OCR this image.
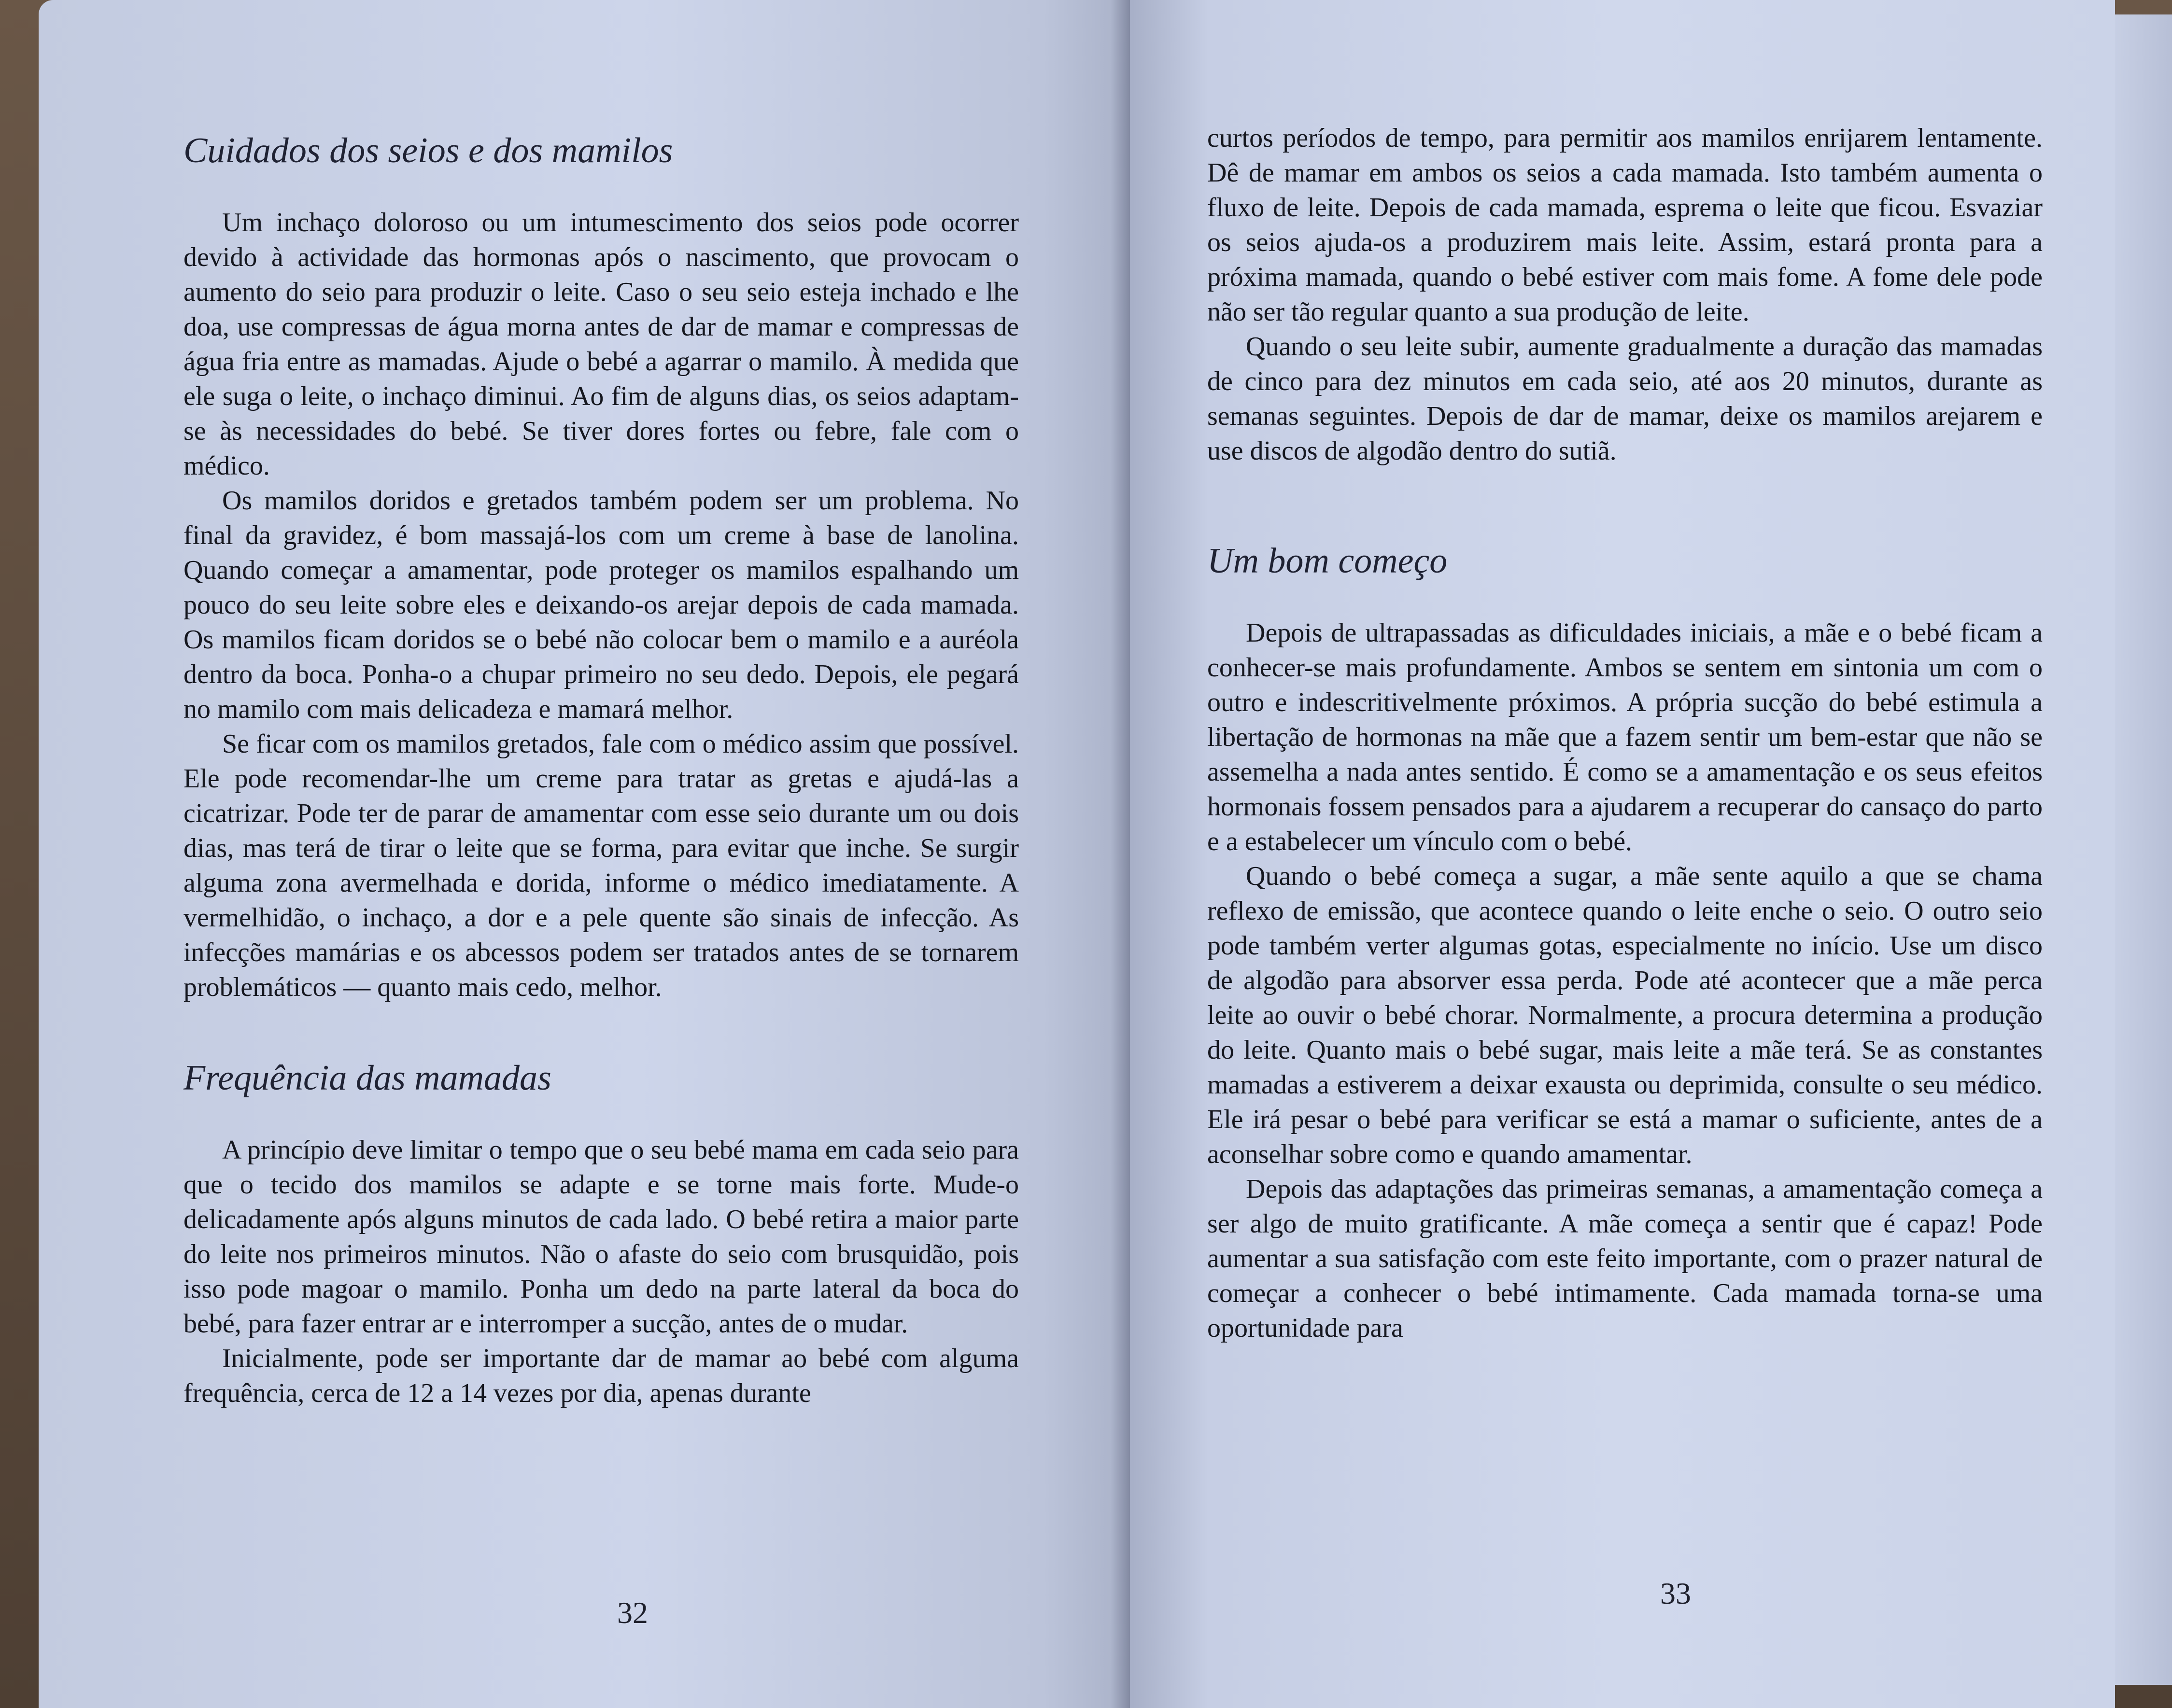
Cuidados dos seios e dos mamilos

Um inchaço doloroso ou um intumescimento dos seios pode ocorrer devido à actividade das hormonas após o nascimento, que provocam o aumento do seio para produzir o leite. Caso o seu seio esteja inchado e lhe doa, use compressas de água morna antes de dar de mamar e compressas de água fria entre as mamadas. Ajude o bebé a agarrar o mamilo. À medida que ele suga o leite, o inchaço diminui. Ao fim de alguns dias, os seios adaptam-se às necessidades do bebé. Se tiver dores fortes ou febre, fale com o médico.

Os mamilos doridos e gretados também podem ser um problema. No final da gravidez, é bom massajá-los com um creme à base de lanolina. Quando começar a amamentar, pode proteger os mamilos espalhando um pouco do seu leite sobre eles e deixando-os arejar depois de cada mamada. Os mamilos ficam doridos se o bebé não colocar bem o mamilo e a auréola dentro da boca. Ponha-o a chupar primeiro no seu dedo. Depois, ele pegará no mamilo com mais delicadeza e mamará melhor.

Se ficar com os mamilos gretados, fale com o médico assim que possível. Ele pode recomendar-lhe um creme para tratar as gretas e ajudá-las a cicatrizar. Pode ter de parar de amamentar com esse seio durante um ou dois dias, mas terá de tirar o leite que se forma, para evitar que inche. Se surgir alguma zona avermelhada e dorida, informe o médico imediatamente. A vermelhidão, o inchaço, a dor e a pele quente são sinais de infecção. As infecções mamárias e os abcessos podem ser tratados antes de se tornarem problemáticos — quanto mais cedo, melhor.

Frequência das mamadas

A princípio deve limitar o tempo que o seu bebé mama em cada seio para que o tecido dos mamilos se adapte e se torne mais forte. Mude-o delicadamente após alguns minutos de cada lado. O bebé retira a maior parte do leite nos primeiros minutos. Não o afaste do seio com brusquidão, pois isso pode magoar o mamilo. Ponha um dedo na parte lateral da boca do bebé, para fazer entrar ar e interromper a sucção, antes de o mudar.

Inicialmente, pode ser importante dar de mamar ao bebé com alguma frequência, cerca de 12 a 14 vezes por dia, apenas durante

32

curtos períodos de tempo, para permitir aos mamilos enrijarem lentamente. Dê de mamar em ambos os seios a cada mamada. Isto também aumenta o fluxo de leite. Depois de cada mamada, esprema o leite que ficou. Esvaziar os seios ajuda-os a produzirem mais leite. Assim, estará pronta para a próxima mamada, quando o bebé estiver com mais fome. A fome dele pode não ser tão regular quanto a sua produção de leite.

Quando o seu leite subir, aumente gradualmente a duração das mamadas de cinco para dez minutos em cada seio, até aos 20 minutos, durante as semanas seguintes. Depois de dar de mamar, deixe os mamilos arejarem e use discos de algodão dentro do sutiã.

Um bom começo

Depois de ultrapassadas as dificuldades iniciais, a mãe e o bebé ficam a conhecer-se mais profundamente. Ambos se sentem em sintonia um com o outro e indescritivelmente próximos. A própria sucção do bebé estimula a libertação de hormonas na mãe que a fazem sentir um bem-estar que não se assemelha a nada antes sentido. É como se a amamentação e os seus efeitos hormonais fossem pensados para a ajudarem a recuperar do cansaço do parto e a estabelecer um vínculo com o bebé.

Quando o bebé começa a sugar, a mãe sente aquilo a que se chama reflexo de emissão, que acontece quando o leite enche o seio. O outro seio pode também verter algumas gotas, especialmente no início. Use um disco de algodão para absorver essa perda. Pode até acontecer que a mãe perca leite ao ouvir o bebé chorar. Normalmente, a procura determina a produção do leite. Quanto mais o bebé sugar, mais leite a mãe terá. Se as constantes mamadas a estiverem a deixar exausta ou deprimida, consulte o seu médico. Ele irá pesar o bebé para verificar se está a mamar o suficiente, antes de a aconselhar sobre como e quando amamentar.

Depois das adaptações das primeiras semanas, a amamentação começa a ser algo de muito gratificante. A mãe começa a sentir que é capaz! Pode aumentar a sua satisfação com este feito importante, com o prazer natural de começar a conhecer o bebé intimamente. Cada mamada torna-se uma oportunidade para

33
